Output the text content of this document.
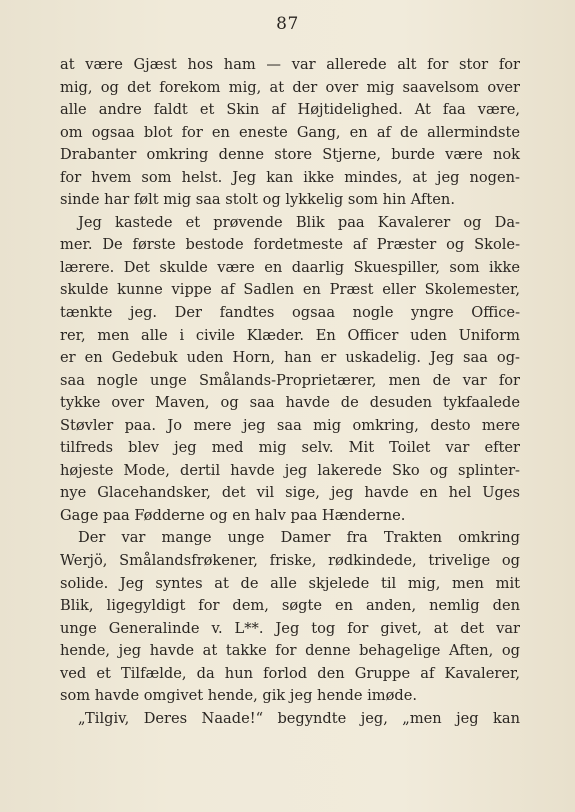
87
at være Gjæst hos ham — var allerede alt for stor for
mig, og det forekom mig, at der over mig saavelsom over
alle andre faldt et Skin af Højtidelighed. At faa være,
om ogsaa blot for en eneste Gang, en af de allermindste
Drabanter omkring denne store Stjerne, burde være nok
for hvem som helst. Jeg kan ikke mindes, at jeg nogen-
sinde har følt mig saa stolt og lykkelig som hin Aften.
Jeg kastede et prøvende Blik paa Kavalerer og Da-
mer. De første bestode fordetmeste af Præster og Skole-
lærere. Det skulde være en daarlig Skuespiller, som ikke
skulde kunne vippe af Sadlen en Præst eller Skolemester,
tænkte jeg. Der fandtes ogsaa nogle yngre Office-
rer, men alle i civile Klæder. En Officer uden Uniform
er en Gedebuk uden Horn, han er uskadelig. Jeg saa og-
saa nogle unge Smålands-Proprietærer, men de var for
tykke over Maven, og saa havde de desuden tykfaalede
Støvler paa. Jo mere jeg saa mig omkring, desto mere
tilfreds blev jeg med mig selv. Mit Toilet var efter
højeste Mode, dertil havde jeg lakerede Sko og splinter-
nye Glacehandsker, det vil sige, jeg havde en hel Uges
Gage paa Fødderne og en halv paa Hænderne.
Der var mange unge Damer fra Trakten omkring
Werjö, Smålandsfrøkener, friske, rødkindede, trivelige og
solide. Jeg syntes at de alle skjelede til mig, men mit
Blik, ligegyldigt for dem, søgte en anden, nemlig den
unge Generalinde v. L**. Jeg tog for givet, at det var
hende, jeg havde at takke for denne behagelige Aften, og
ved et Tilfælde, da hun forlod den Gruppe af Kavalerer,
som havde omgivet hende, gik jeg hende imøde.
„Tilgiv, Deres Naade!“ begyndte jeg, „men jeg kan
